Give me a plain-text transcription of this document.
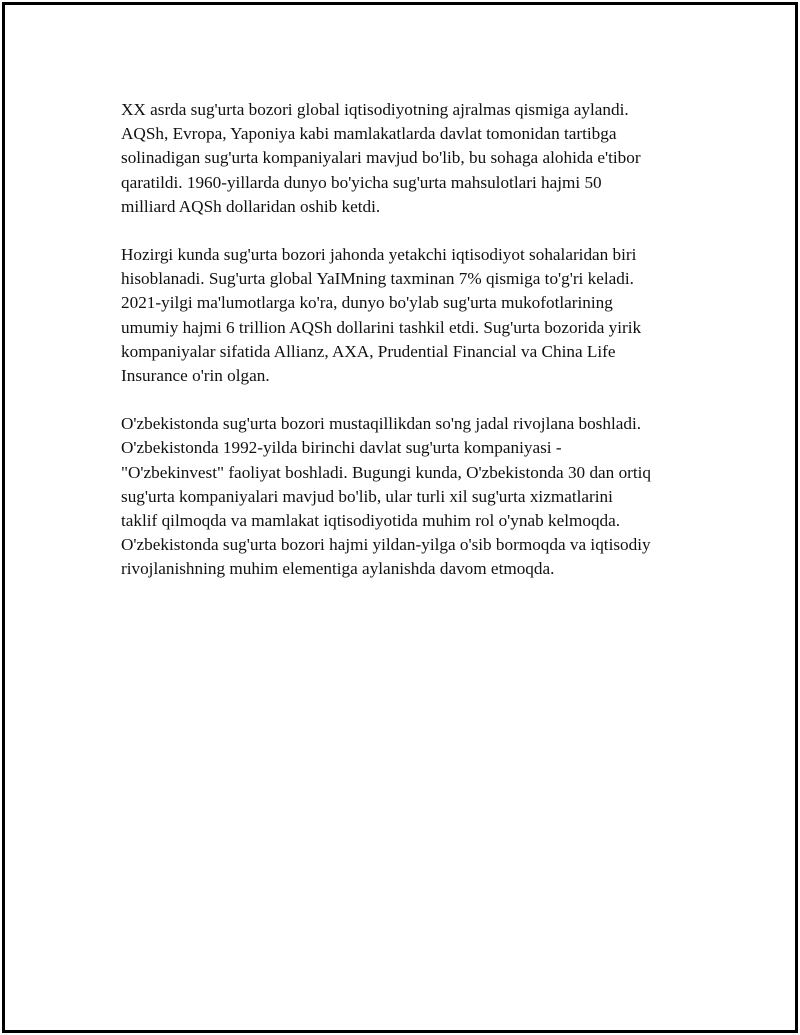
XX asrda sug'urta bozori global iqtisodiyotning ajralmas qismiga aylandi.
AQSh, Evropa, Yaponiya kabi mamlakatlarda davlat tomonidan tartibga
solinadigan sug'urta kompaniyalari mavjud bo'lib, bu sohaga alohida e'tibor
qaratildi. 1960-yillarda dunyo bo'yicha sug'urta mahsulotlari hajmi 50
milliard AQSh dollaridan oshib ketdi.

Hozirgi kunda sug'urta bozori jahonda yetakchi iqtisodiyot sohalaridan biri
hisoblanadi. Sug'urta global YaIMning taxminan 7% qismiga to'g'ri keladi.
2021-yilgi ma'lumotlarga ko'ra, dunyo bo'ylab sug'urta mukofotlarining
umumiy hajmi 6 trillion AQSh dollarini tashkil etdi. Sug'urta bozorida yirik
kompaniyalar sifatida Allianz, AXA, Prudential Financial va China Life
Insurance o'rin olgan.

O'zbekistonda sug'urta bozori mustaqillikdan so'ng jadal rivojlana boshladi.
O'zbekistonda 1992-yilda birinchi davlat sug'urta kompaniyasi -
"O'zbekinvest" faoliyat boshladi. Bugungi kunda, O'zbekistonda 30 dan ortiq
sug'urta kompaniyalari mavjud bo'lib, ular turli xil sug'urta xizmatlarini
taklif qilmoqda va mamlakat iqtisodiyotida muhim rol o'ynab kelmoqda.
O'zbekistonda sug'urta bozori hajmi yildan-yilga o'sib bormoqda va iqtisodiy
rivojlanishning muhim elementiga aylanishda davom etmoqda.
